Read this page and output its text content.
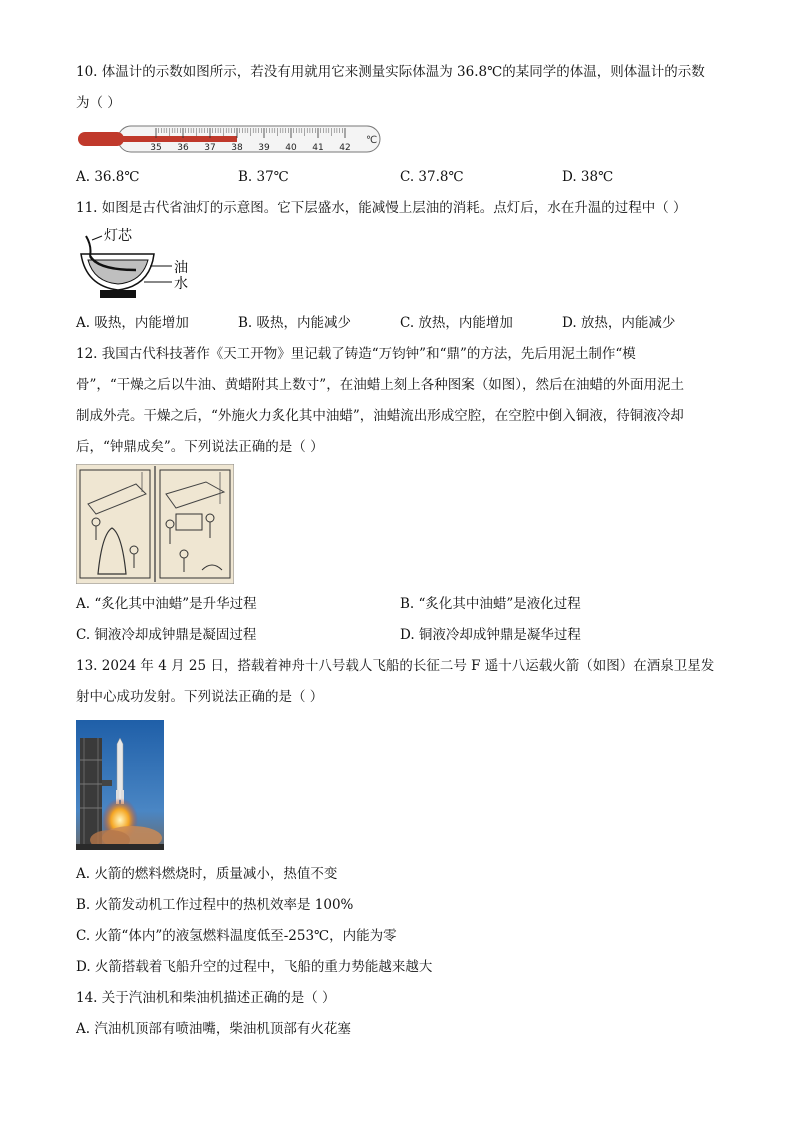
10. 体温计的示数如图所示，若没有用就用它来测量实际体温为 36.8℃的某同学的体温，则体温计的示数
为（ ）
35 36 37 38 39 40 41 42
℃
A. 36.8℃	B. 37℃	C. 37.8℃	D. 38℃
11. 如图是古代省油灯的示意图。它下层盛水，能减慢上层油的消耗。点灯后，水在升温的过程中（ ）
灯芯
油
水
A. 吸热，内能增加	B. 吸热，内能减少	C. 放热，内能增加	D. 放热，内能减少
12. 我国古代科技著作《天工开物》里记载了铸造“万钧钟”和“鼎”的方法，先后用泥土制作“模
骨”，“干燥之后以牛油、黄蜡附其上数寸”，在油蜡上刻上各种图案（如图），然后在油蜡的外面用泥土
制成外壳。干燥之后，“外施火力炙化其中油蜡”，油蜡流出形成空腔，在空腔中倒入铜液，待铜液冷却
后，“钟鼎成矣”。下列说法正确的是（ ）
A. “炙化其中油蜡”是升华过程	B. “炙化其中油蜡”是液化过程
C. 铜液冷却成钟鼎是凝固过程	D. 铜液冷却成钟鼎是凝华过程
13. 2024 年 4 月 25 日，搭载着神舟十八号载人飞船的长征二号 F 遥十八运载火箭（如图）在酒泉卫星发
射中心成功发射。下列说法正确的是（ ）
A. 火箭的燃料燃烧时，质量减小，热值不变
B. 火箭发动机工作过程中的热机效率是 100%
C. 火箭“体内”的液氢燃料温度低至-253℃，内能为零
D. 火箭搭载着飞船升空的过程中，飞船的重力势能越来越大
14. 关于汽油机和柴油机描述正确的是（ ）
A. 汽油机顶部有喷油嘴，柴油机顶部有火花塞
